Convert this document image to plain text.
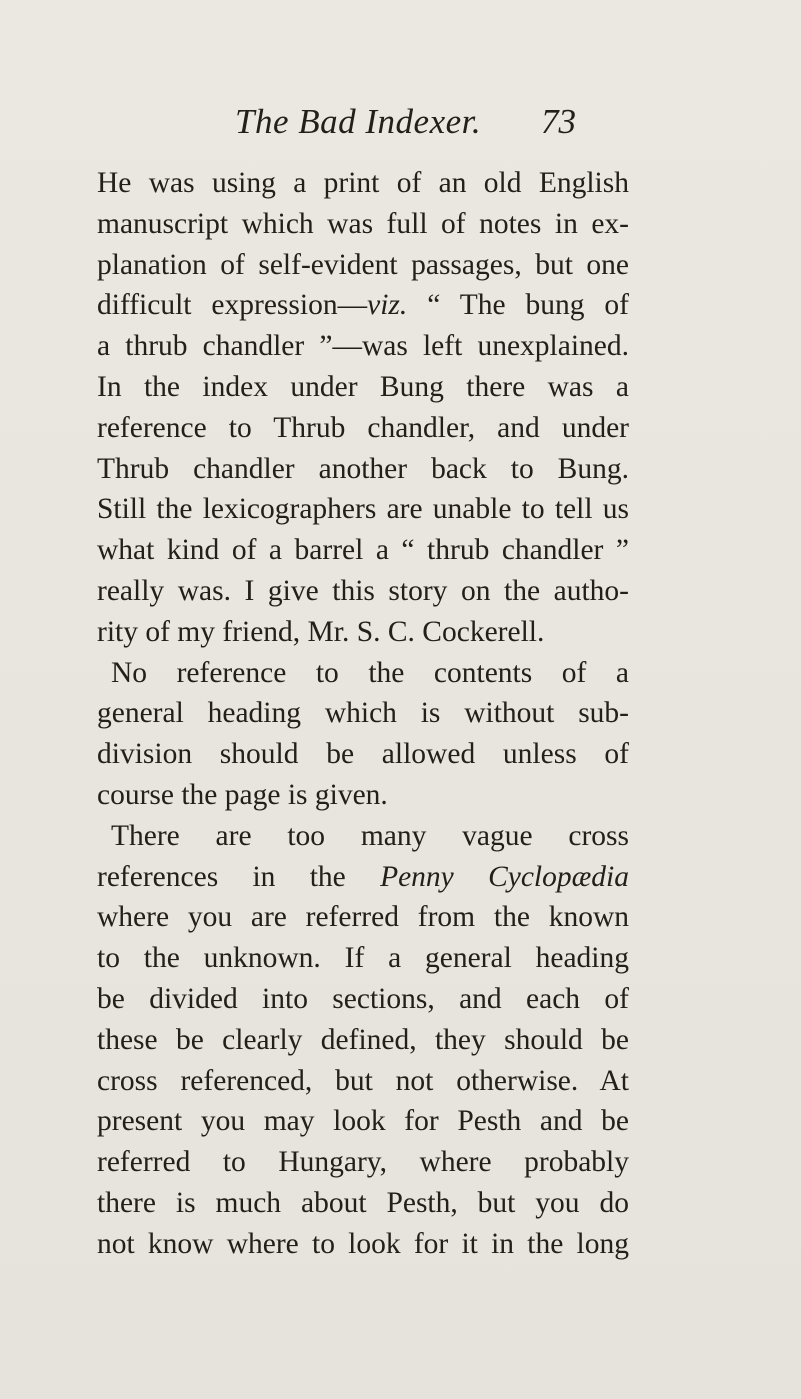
The Bad Indexer. 73
He was using a print of an old English
manuscript which was full of notes in ex-
planation of self-evident passages, but one
difficult expression—viz. “ The bung of
a thrub chandler ”—was left unexplained.
In the index under Bung there was a
reference to Thrub chandler, and under
Thrub chandler another back to Bung.
Still the lexicographers are unable to tell us
what kind of a barrel a “ thrub chandler ”
really was. I give this story on the autho-
rity of my friend, Mr. S. C. Cockerell.
No reference to the contents of a
general heading which is without sub-
division should be allowed unless of
course the page is given.
There are too many vague cross
references in the Penny Cyclopædia
where you are referred from the known
to the unknown. If a general heading
be divided into sections, and each of
these be clearly defined, they should be
cross referenced, but not otherwise. At
present you may look for Pesth and be
referred to Hungary, where probably
there is much about Pesth, but you do
not know where to look for it in the long
